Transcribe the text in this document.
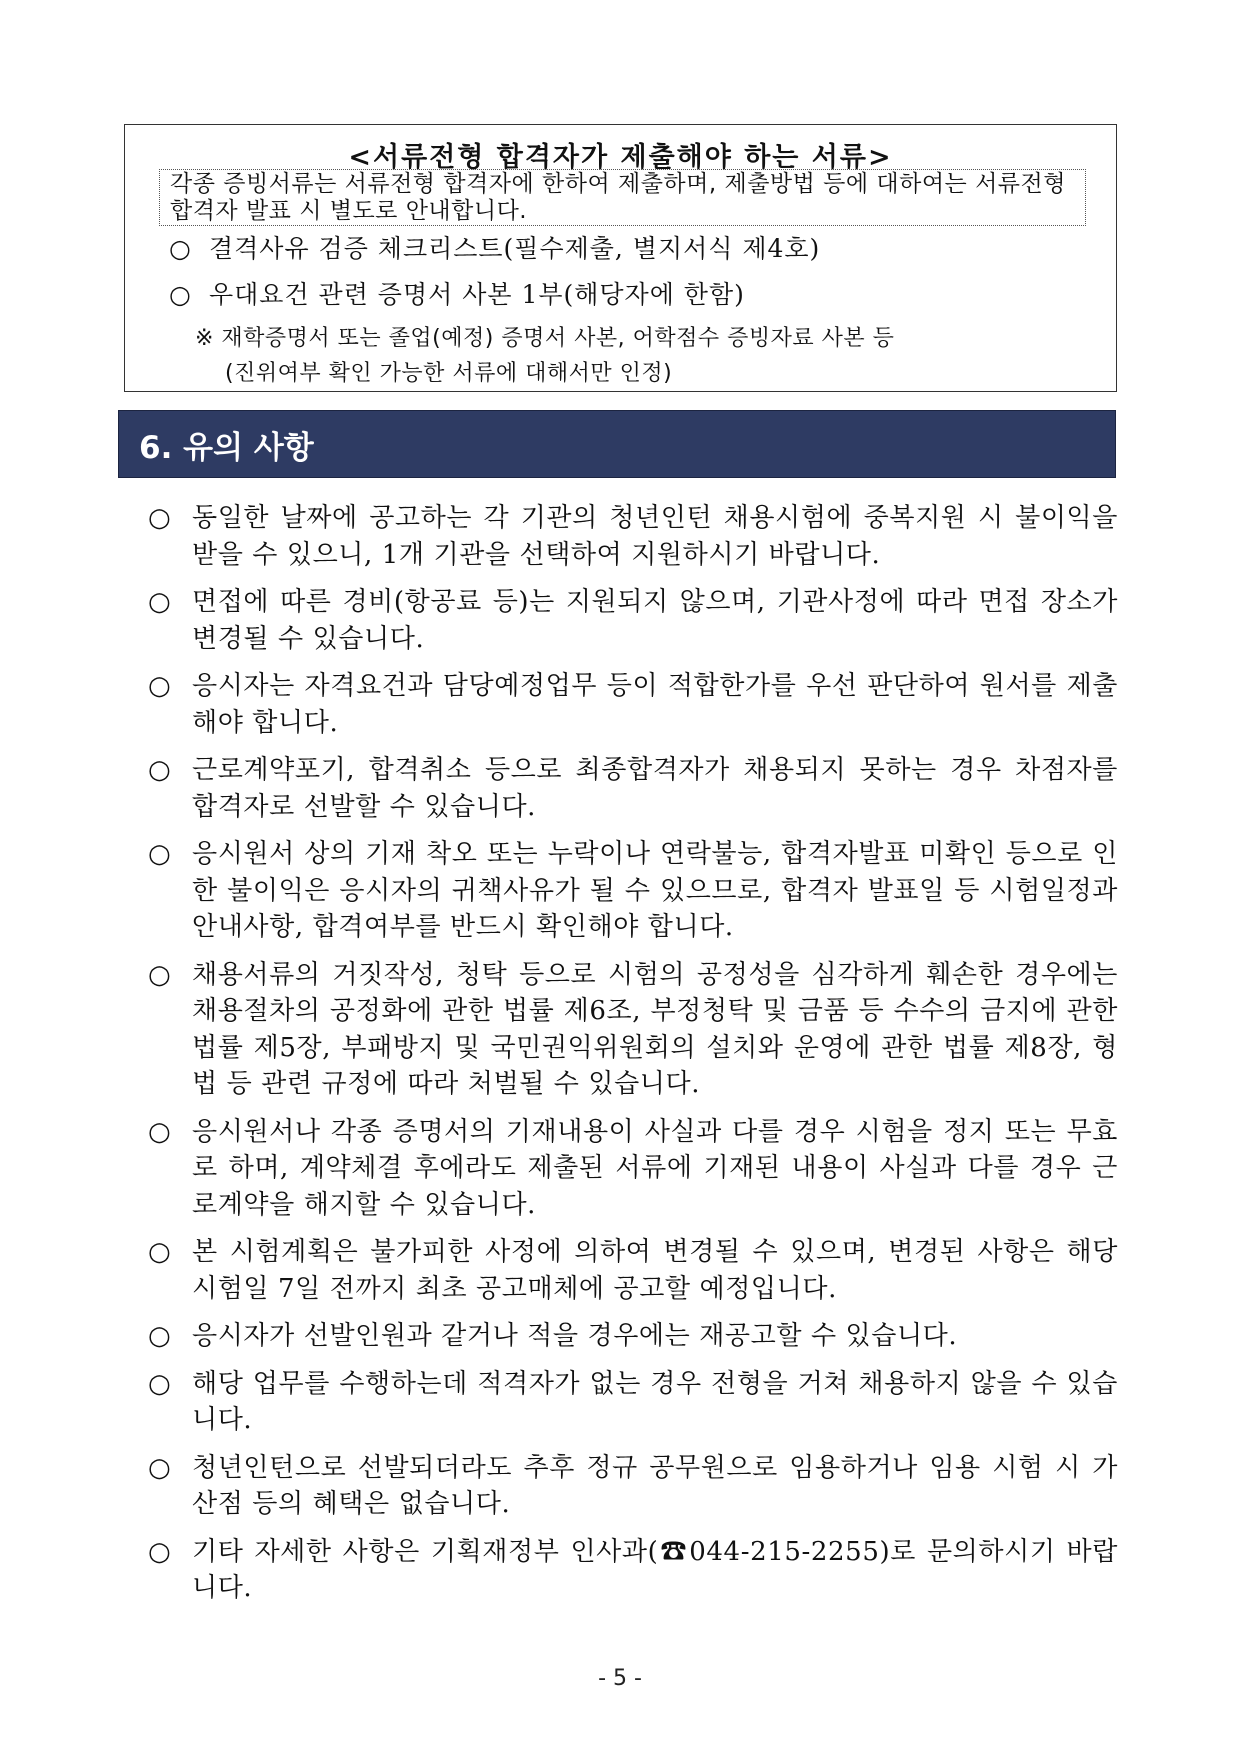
<서류전형 합격자가 제출해야 하는 서류>
각종 증빙서류는 서류전형 합격자에 한하여 제출하며, 제출방법 등에 대하여는 서류전형 합격자 발표 시 별도로 안내합니다.
○ 결격사유 검증 체크리스트(필수제출, 별지서식 제4호)
○ 우대요건 관련 증명서 사본 1부(해당자에 한함)
※ 재학증명서 또는 졸업(예정) 증명서 사본, 어학점수 증빙자료 사본 등
(진위여부 확인 가능한 서류에 대해서만 인정)
6. 유의 사항
○ 동일한 날짜에 공고하는 각 기관의 청년인턴 채용시험에 중복지원 시 불이익을 받을 수 있으니, 1개 기관을 선택하여 지원하시기 바랍니다.
○ 면접에 따른 경비(항공료 등)는 지원되지 않으며, 기관사정에 따라 면접 장소가 변경될 수 있습니다.
○ 응시자는 자격요건과 담당예정업무 등이 적합한가를 우선 판단하여 원서를 제출해야 합니다.
○ 근로계약포기, 합격취소 등으로 최종합격자가 채용되지 못하는 경우 차점자를 합격자로 선발할 수 있습니다.
○ 응시원서 상의 기재 착오 또는 누락이나 연락불능, 합격자발표 미확인 등으로 인한 불이익은 응시자의 귀책사유가 될 수 있으므로, 합격자 발표일 등 시험일정과 안내사항, 합격여부를 반드시 확인해야 합니다.
○ 채용서류의 거짓작성, 청탁 등으로 시험의 공정성을 심각하게 훼손한 경우에는 채용절차의 공정화에 관한 법률 제6조, 부정청탁 및 금품 등 수수의 금지에 관한 법률 제5장, 부패방지 및 국민권익위원회의 설치와 운영에 관한 법률 제8장, 형법 등 관련 규정에 따라 처벌될 수 있습니다.
○ 응시원서나 각종 증명서의 기재내용이 사실과 다를 경우 시험을 정지 또는 무효로 하며, 계약체결 후에라도 제출된 서류에 기재된 내용이 사실과 다를 경우 근로계약을 해지할 수 있습니다.
○ 본 시험계획은 불가피한 사정에 의하여 변경될 수 있으며, 변경된 사항은 해당 시험일 7일 전까지 최초 공고매체에 공고할 예정입니다.
○ 응시자가 선발인원과 같거나 적을 경우에는 재공고할 수 있습니다.
○ 해당 업무를 수행하는데 적격자가 없는 경우 전형을 거쳐 채용하지 않을 수 있습니다.
○ 청년인턴으로 선발되더라도 추후 정규 공무원으로 임용하거나 임용 시험 시 가산점 등의 혜택은 없습니다.
○ 기타 자세한 사항은 기획재정부 인사과(☎044-215-2255)로 문의하시기 바랍니다.
- 5 -
